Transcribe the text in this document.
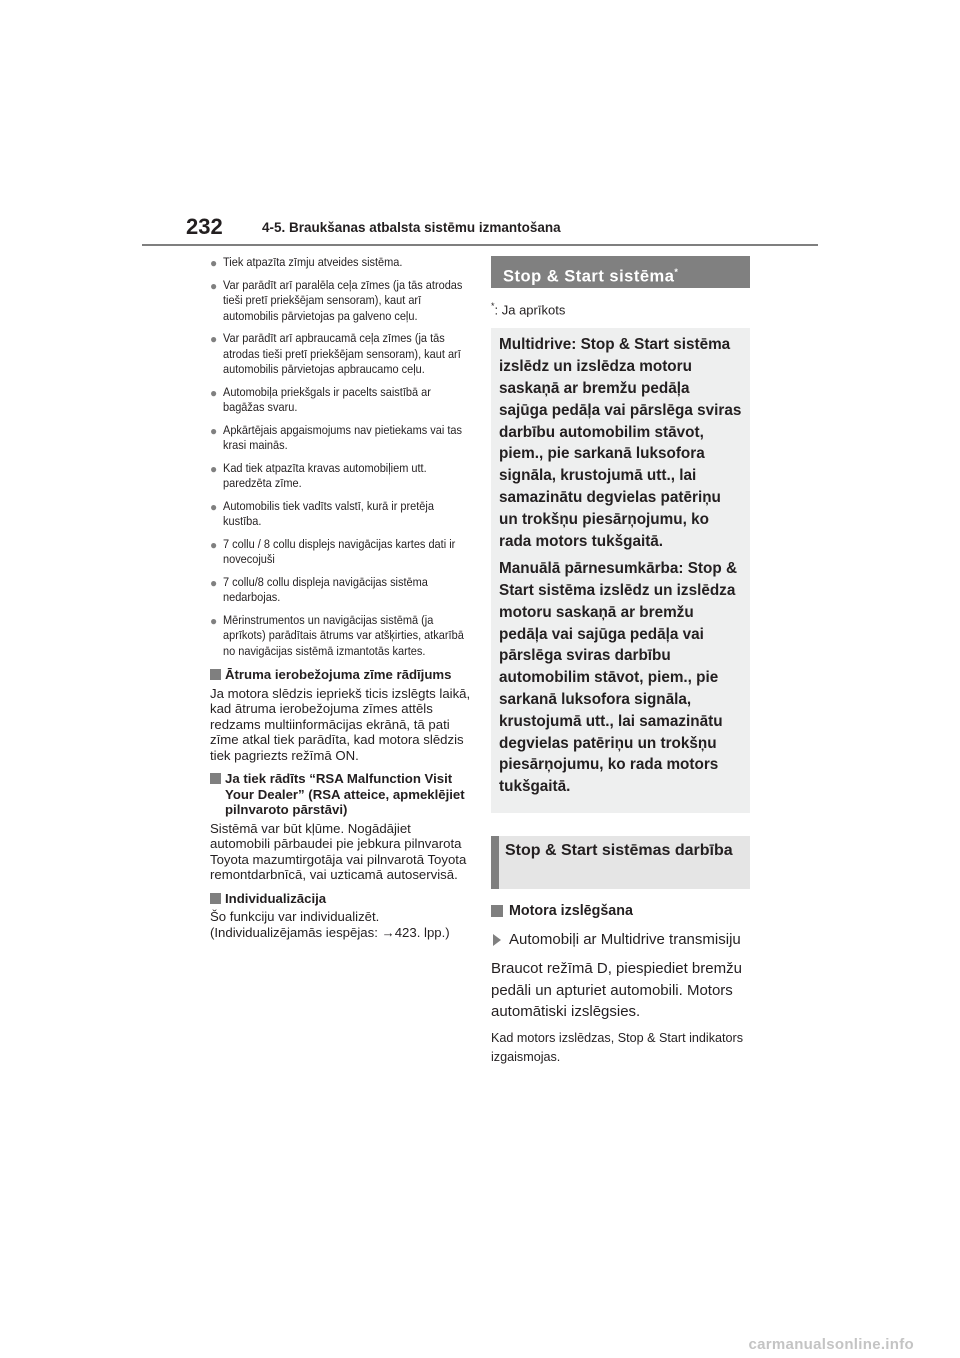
232	4-5. Braukšanas atbalsta sistēmu izmantošana
● Tiek atpazīta zīmju atveides sistēma.
● Var parādīt arī paralēla ceļa zīmes (ja tās atrodas tieši pretī priekšējam sensoram), kaut arī automobilis pārvietojas pa galveno ceļu.
● Var parādīt arī apbraucamā ceļa zīmes (ja tās atrodas tieši pretī priekšējam sensoram), kaut arī automobilis pārvietojas apbraucamo ceļu.
● Automobiļa priekšgals ir pacelts saistībā ar bagāžas svaru.
● Apkārtējais apgaismojums nav pietiekams vai tas krasi mainās.
● Kad tiek atpazīta kravas automobiļiem utt. paredzēta zīme.
● Automobilis tiek vadīts valstī, kurā ir pretēja kustība.
● 7 collu / 8 collu displejs navigācijas kartes dati ir novecojuši
● 7 collu/8 collu displeja navigācijas sistēma nedarbojas.
● Mērinstrumentos un navigācijas sistēmā (ja aprīkots) parādītais ātrums var atšķirties, atkarībā no navigācijas sistēmā izmantotās kartes.
Ātruma ierobežojuma zīme rādījums
Ja motora slēdzis iepriekš ticis izslēgts laikā, kad ātruma ierobežojuma zīmes attēls redzams multiinformācijas ekrānā, tā pati zīme atkal tiek parādīta, kad motora slēdzis tiek pagriezts režīmā ON.
Ja tiek rādīts “RSA Malfunction Visit Your Dealer” (RSA atteice, apmeklējiet pilnvaroto pārstāvi)
Sistēmā var būt kļūme. Nogādājiet automobili pārbaudei pie jebkura pilnvarota Toyota mazumtirgotāja vai pilnvarotā Toyota remontdarbnīcā, vai uzticamā autoservisā.
Individualizācija
Šo funkciju var individualizēt. (Individualizējamās iespējas: →423. lpp.)
Stop & Start sistēma*
*: Ja aprīkots

Multidrive: Stop & Start sistēma izslēdz un izslēdza motoru saskaņā ar bremžu pedāļa sajūga pedāļa vai pārslēga sviras darbību automobilim stāvot, piem., pie sarkanā luksofora signāla, krustojumā utt., lai samazinātu degvielas patēriņu un trokšņu piesārņojumu, ko rada motors tukšgaitā.

Manuālā pārnesumkārba: Stop & Start sistēma izslēdz un izslēdza motoru saskaņā ar bremžu pedāļa vai sajūga pedāļa vai pārslēga sviras darbību automobilim stāvot, piem., pie sarkanā luksofora signāla, krustojumā utt., lai samazinātu degvielas patēriņu un trokšņu piesārņojumu, ko rada motors tukšgaitā.

Stop & Start sistēmas darbība
Motora izslēgšana
Automobiļi ar Multidrive transmisiju
Braucot režīmā D, piespiediet bremžu pedāli un apturiet automobili. Motors automātiski izslēgsies.
Kad motors izslēdzas, Stop & Start indikators izgaismojas.
carmanualsonline.info
